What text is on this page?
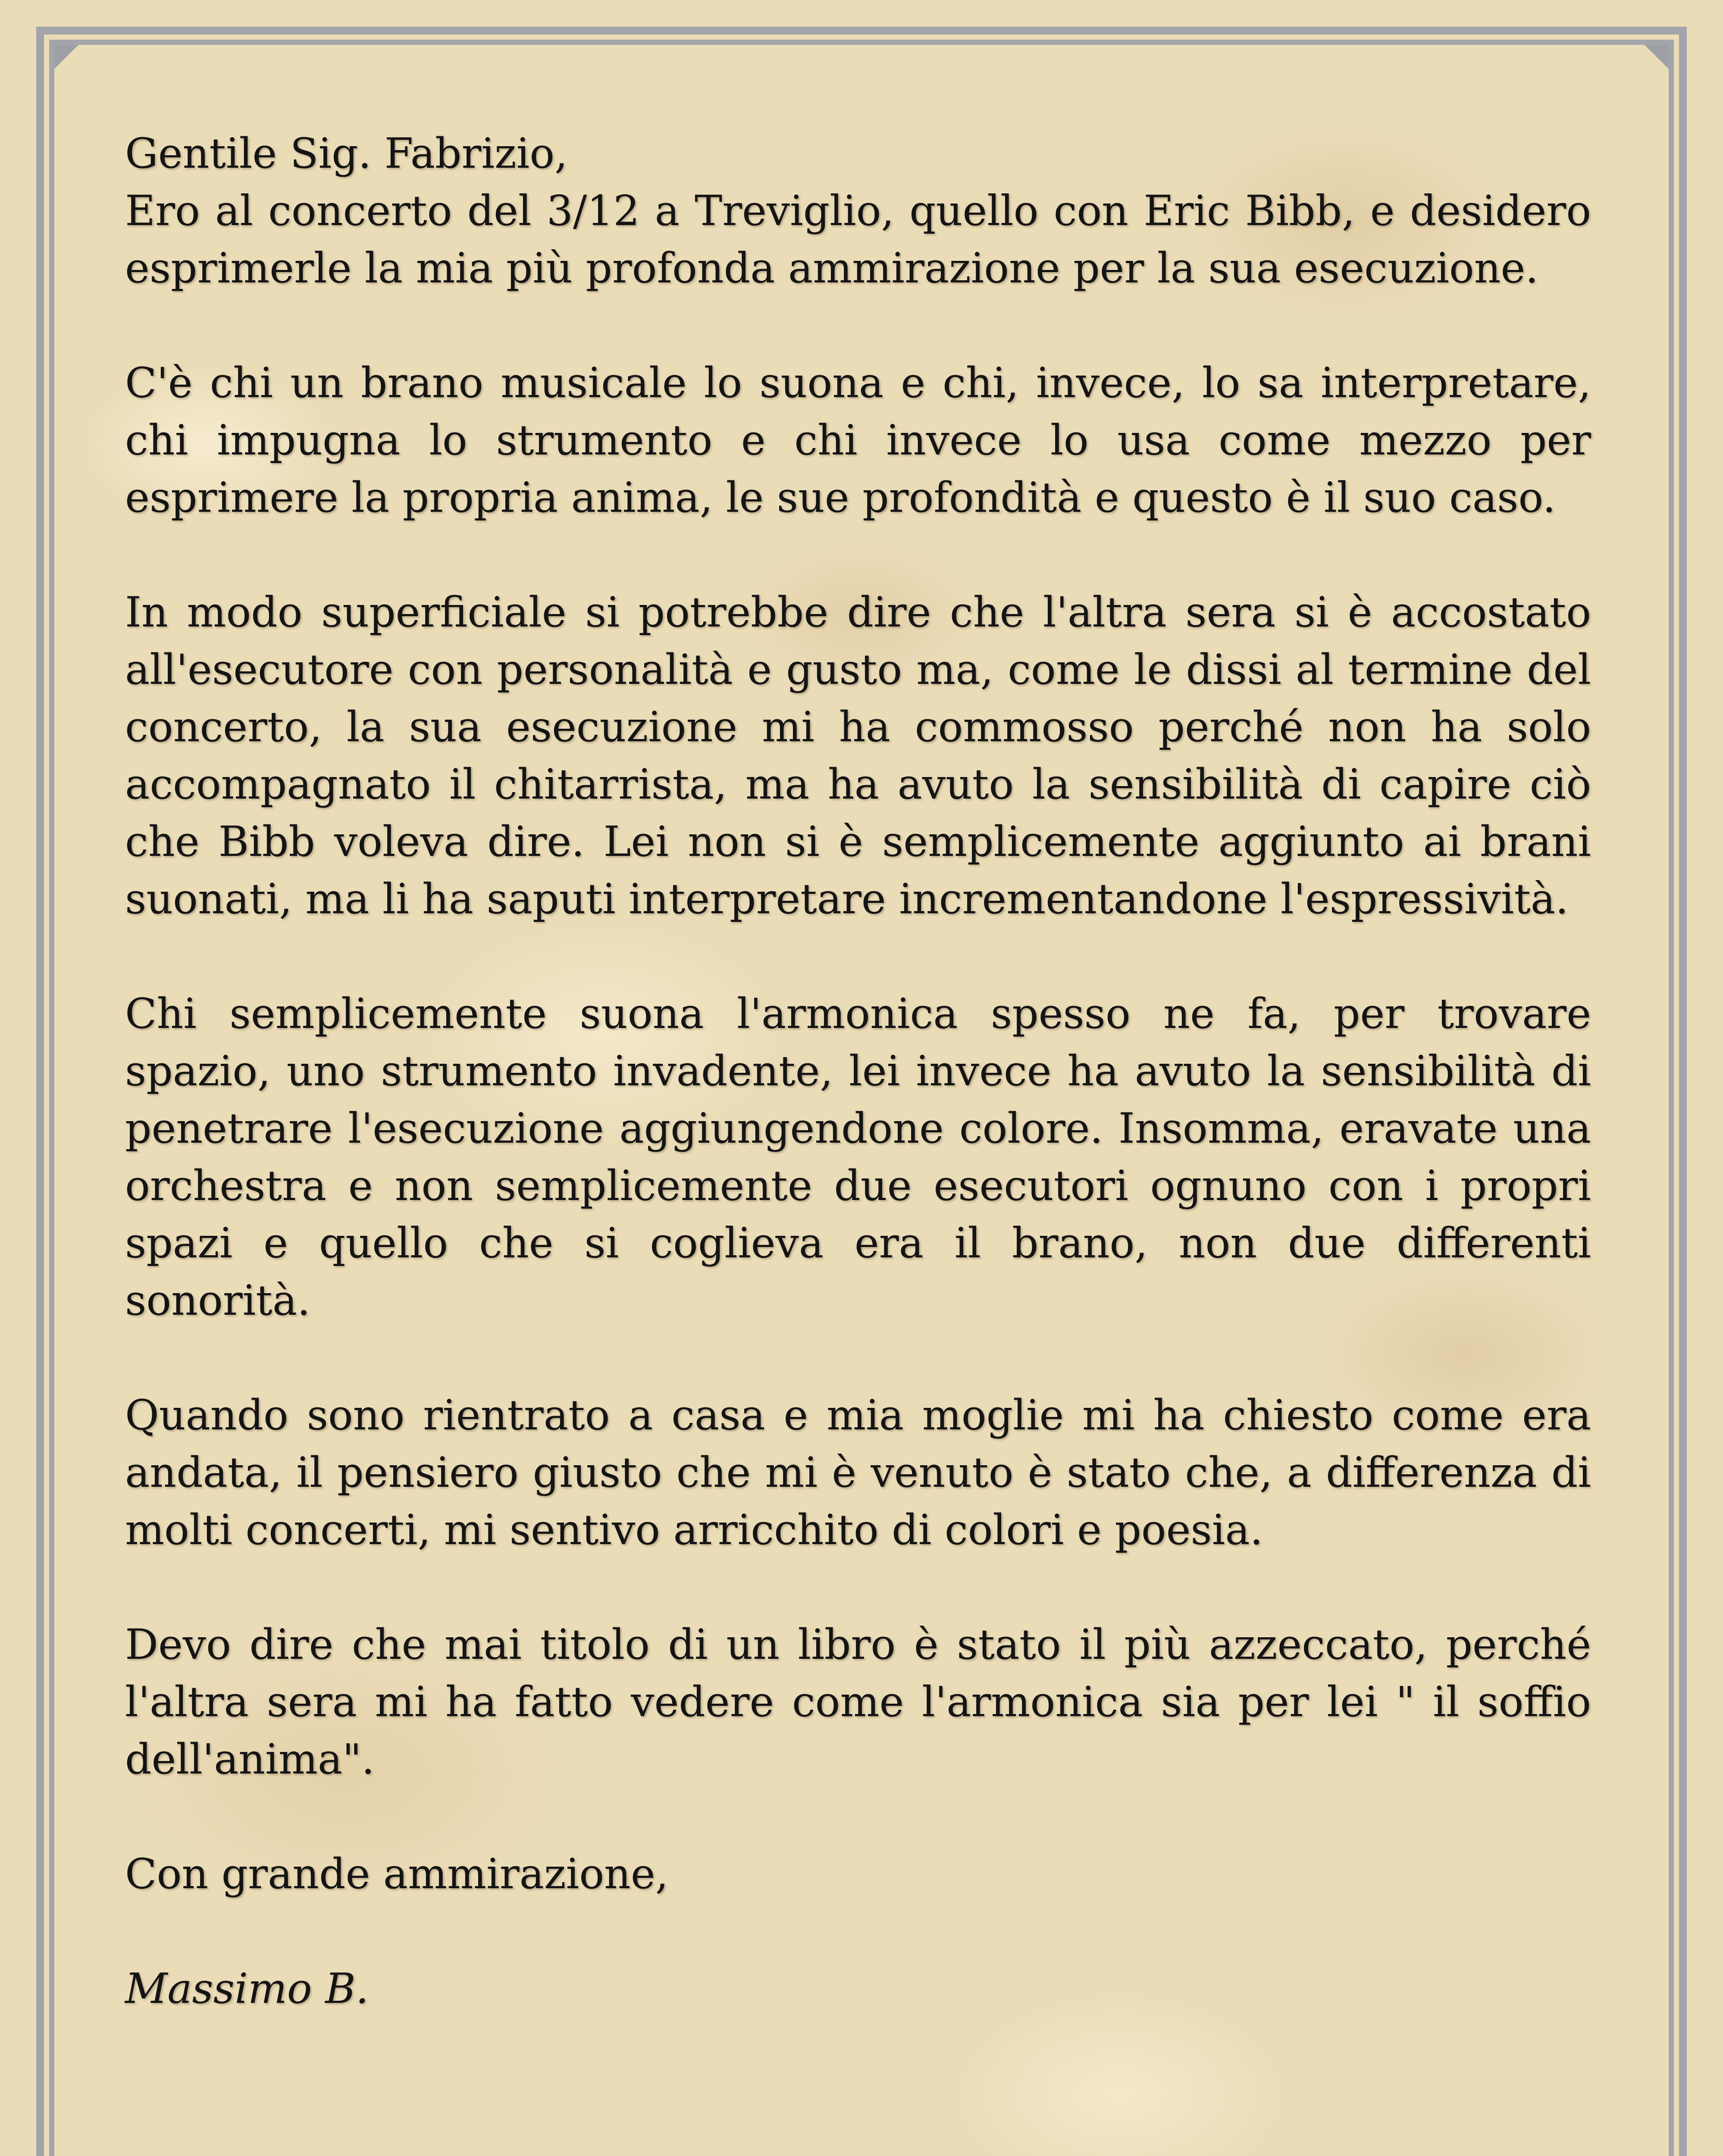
Gentile Sig. Fabrizio,

Ero al concerto del 3/12 a Treviglio, quello con Eric Bibb, e desidero esprimerle la mia più profonda ammirazione per la sua esecuzione.

C'è chi un brano musicale lo suona e chi, invece, lo sa interpretare, chi impugna lo strumento e chi invece lo usa come mezzo per esprimere la propria anima, le sue profondità e questo è il suo caso.

In modo superficiale si potrebbe dire che l'altra sera si è accostato all'esecutore con personalità e gusto ma, come le dissi al termine del concerto, la sua esecuzione mi ha commosso perché non ha solo accompagnato il chitarrista, ma ha avuto la sensibilità di capire ciò che Bibb voleva dire. Lei non si è semplicemente aggiunto ai brani suonati, ma li ha saputi interpretare incrementandone l'espressività.

Chi semplicemente suona l'armonica spesso ne fa, per trovare spazio, uno strumento invadente, lei invece ha avuto la sensibilità di penetrare l'esecuzione aggiungendone colore. Insomma, eravate una orchestra e non semplicemente due esecutori ognuno con i propri spazi e quello che si coglieva era il brano, non due differenti sonorità.

Quando sono rientrato a casa e mia moglie mi ha chiesto come era andata, il pensiero giusto che mi è venuto è stato che, a differenza di molti concerti, mi sentivo arricchito di colori e poesia.

Devo dire che mai titolo di un libro è stato il più azzeccato, perché l'altra sera mi ha fatto vedere come l'armonica sia per lei " il soffio dell'anima".

Con grande ammirazione,

Massimo B.
